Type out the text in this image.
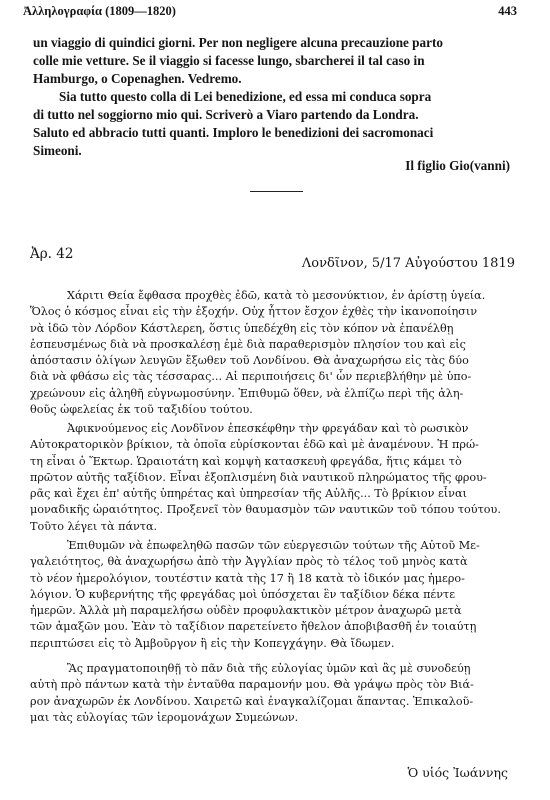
Ἀλληλογραφία (1809—1820)	443

un viaggio di quindici giorni. Per non negligere alcuna precauzione parto
colle mie vetture. Se il viaggio si facesse lungo, sbarcherei il tal caso in
Hamburgo, o Copenaghen. Vedremo.

Sia tutto questo colla di Lei benedizione, ed essa mi conduca sopra
di tutto nel soggiorno mio qui. Scriverò a Viaro partendo da Londra.
Saluto ed abbracio tutti quanti. Imploro le benedizioni dei sacromonaci
Simeoni.

Il figlio Gio(vanni)
Ἀρ. 42
Λονδῖνον, 5/17 Αὐγούστου 1819
Χάριτι Θεία ἔφθασα προχθὲς ἐδῶ, κατὰ τὸ μεσονύκτιον, ἐν ἀρίστῃ ὑγεία.
Ὅλος ὁ κόσμος εἶναι εἰς τὴν ἐξοχήν. Οὐχ ἧττον ἔσχον ἐχθὲς τὴν ἱκανοποίησιν
νὰ ἰδῶ τὸν Λόρδον Κάστλερεη, ὅστις ὑπεδέχθη εἰς τὸν κόπον νὰ ἐπανέλθῃ
ἐσπευσμένως διὰ νὰ προσκαλέσῃ ἐμὲ διὰ παραθερισμὸν πλησίον του καὶ εἰς
ἀπόστασιν ὀλίγων λευγῶν ἔξωθεν τοῦ Λονδίνου. Θὰ ἀναχωρήσω εἰς τὰς δύο
διὰ νὰ φθάσω εἰς τὰς τέσσαρας... Αἱ περιποιήσεις δι' ὧν περιεβλήθην μὲ ὑπο-
χρεώνουν εἰς ἀληθῆ εὐγνωμοσύνην. Ἐπιθυμῶ ὅθεν, νὰ ἐλπίζω περὶ τῆς ἀλη-
θοῦς ὠφελείας ἐκ τοῦ ταξιδίου τούτου.
Ἀφικνούμενος εἰς Λονδῖνον ἐπεσκέφθην τὴν φρεγάδαν καὶ τὸ ρωσικὸν
Αὐτοκρατορικὸν βρίκιον, τὰ ὁποῖα εὑρίσκονται ἐδῶ καὶ μὲ ἀναμένουν. Ἡ πρώ-
τη εἶναι ὁ Ἕκτωρ. Ὡραιοτάτη καὶ κομψὴ κατασκευὴ φρεγάδα, ἥτις κάμει τὸ
πρῶτον αὐτῆς ταξίδιον. Εἶναι ἐξοπλισμένη διὰ ναυτικοῦ πληρώματος τῆς φρου-
ρᾶς καὶ ἔχει ἐπ' αὐτῆς ὑπηρέτας καὶ ὑπηρεσίαν τῆς Αὐλῆς... Τὸ βρίκιον εἶναι
μοναδικῆς ὡραιότητος. Προξενεῖ τὸν θαυμασμὸν τῶν ναυτικῶν τοῦ τόπου τούτου.
Τοῦτο λέγει τὰ πάντα.
Ἐπιθυμῶν νὰ ἐπωφεληθῶ πασῶν τῶν εὐεργεσιῶν τούτων τῆς Αὐτοῦ Με-
γαλειότητος, θὰ ἀναχωρήσω ἀπὸ τὴν Ἀγγλίαν πρὸς τὸ τέλος τοῦ μηνὸς κατὰ
τὸ νέον ἡμερολόγιον, τουτέστιν κατὰ τὴς 17 ἢ 18 κατὰ τὸ ἰδικόν μας ἡμερο-
λόγιον. Ὁ κυβερνήτης τῆς φρεγάδας μοὶ ὑπόσχεται ἓν ταξίδιον δέκα πέντε
ἡμερῶν. Ἀλλὰ μὴ παραμελήσω οὐδὲν προφυλακτικὸν μέτρον ἀναχωρῶ μετὰ
τῶν ἀμαξῶν μου. Ἐὰν τὸ ταξίδιον παρετείνετο ἤθελον ἀποβιβασθῆ ἐν τοιαύτῃ
περιπτώσει εἰς τὸ Ἀμβοῦργον ἢ εἰς τὴν Κοπεγχάγην. Θὰ ἴδωμεν.
Ἂς πραγματοποιηθῇ τὸ πᾶν διὰ τῆς εὐλογίας ὑμῶν καὶ ἂς μὲ συνοδεύῃ
αὐτὴ πρὸ πάντων κατὰ τὴν ἐνταῦθα παραμονήν μου. Θὰ γράψω πρὸς τὸν Βιά-
ρον ἀναχωρῶν ἐκ Λονδίνου. Χαιρετῶ καὶ ἐναγκαλίζομαι ἅπαντας. Ἐπικαλοῦ-
μαι τὰς εὐλογίας τῶν ἱερομονάχων Συμεώνων.
Ὁ υἱός Ἰωάννης
